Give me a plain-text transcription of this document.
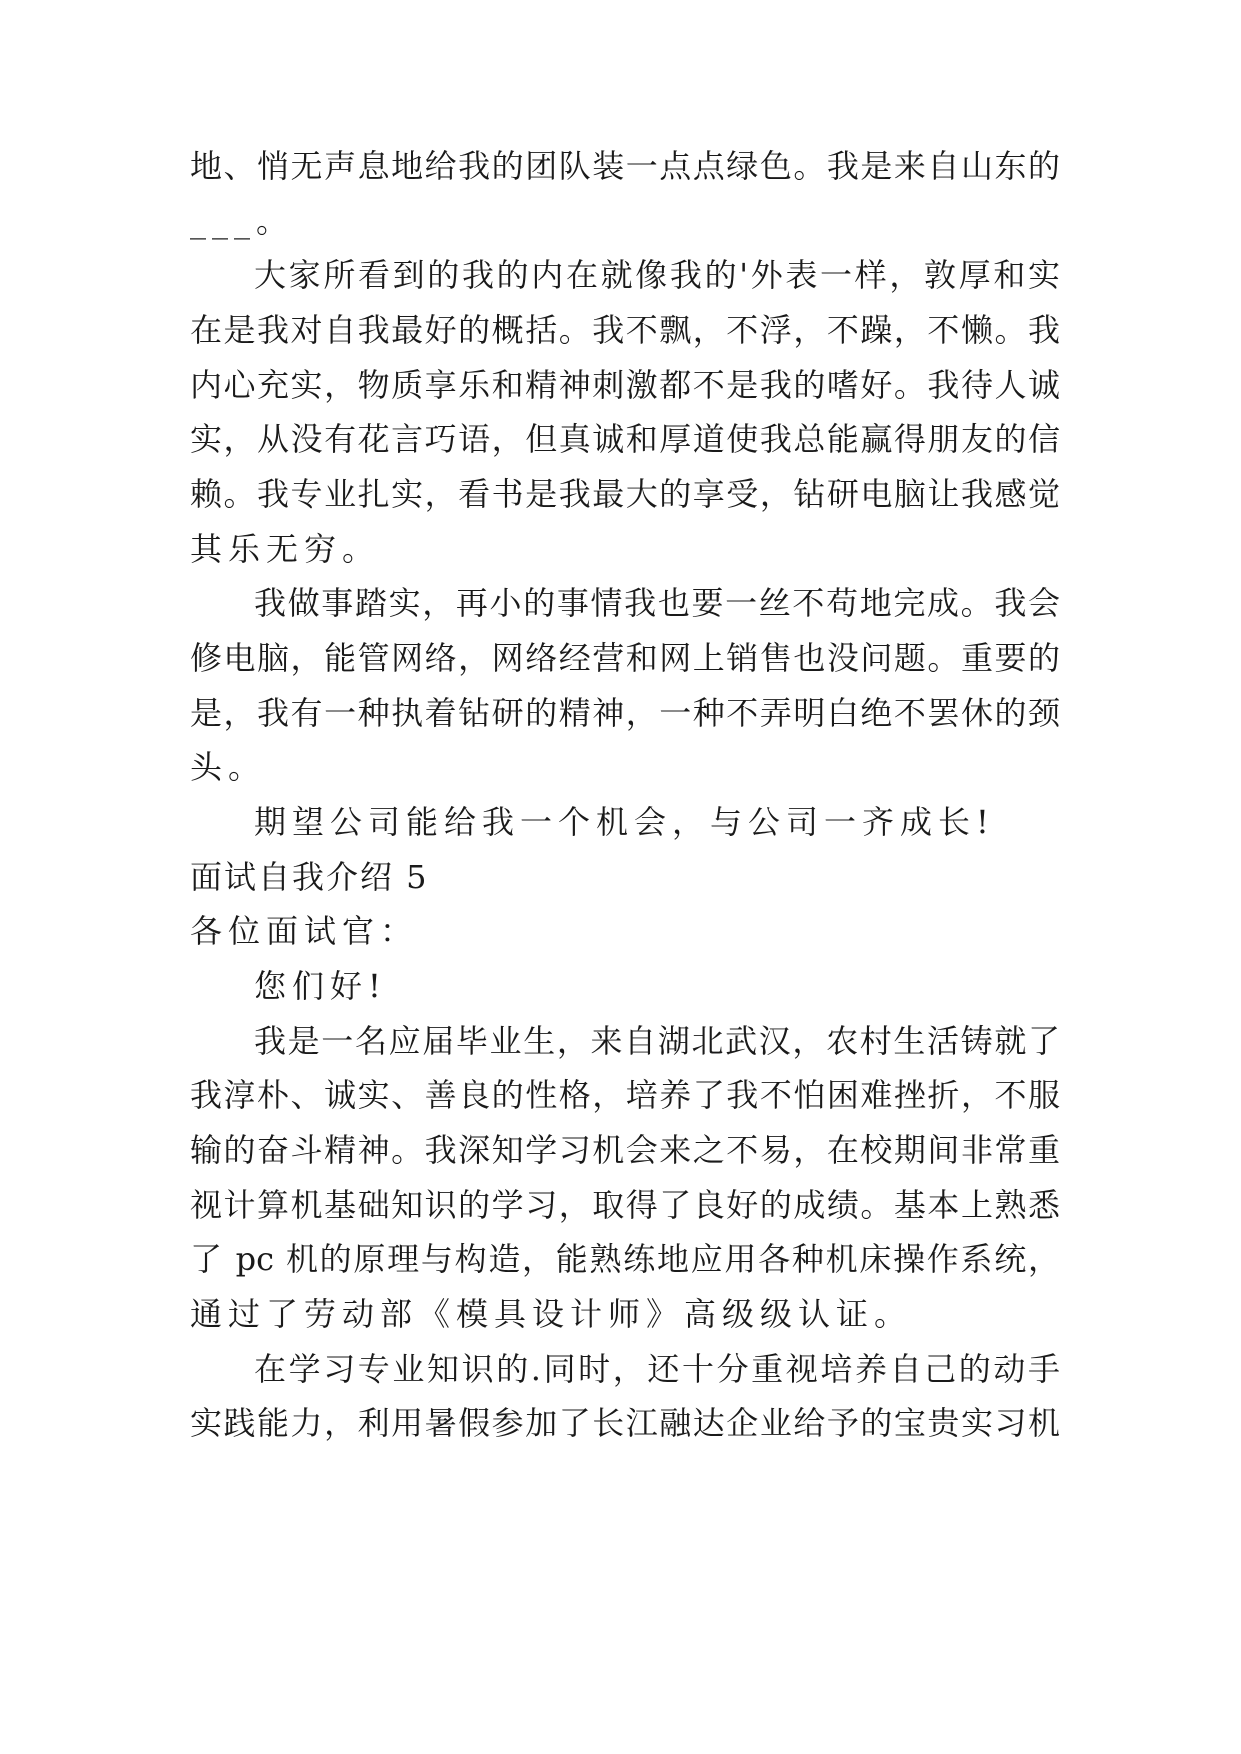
地、悄无声息地给我的团队装一点点绿色。我是来自山东的
___。
大家所看到的我的内在就像我的'外表一样，敦厚和实
在是我对自我最好的概括。我不飘，不浮，不躁，不懒。我
内心充实，物质享乐和精神刺激都不是我的嗜好。我待人诚
实，从没有花言巧语，但真诚和厚道使我总能赢得朋友的信
赖。我专业扎实，看书是我最大的享受，钻研电脑让我感觉
其乐无穷。
我做事踏实，再小的事情我也要一丝不苟地完成。我会
修电脑，能管网络，网络经营和网上销售也没问题。重要的
是，我有一种执着钻研的精神，一种不弄明白绝不罢休的颈
头。
期望公司能给我一个机会，与公司一齐成长!
面试自我介绍 5
各位面试官：
您们好!
我是一名应届毕业生，来自湖北武汉，农村生活铸就了
我淳朴、诚实、善良的性格，培养了我不怕困难挫折，不服
输的奋斗精神。我深知学习机会来之不易，在校期间非常重
视计算机基础知识的学习，取得了良好的成绩。基本上熟悉
了 pc 机的原理与构造，能熟练地应用各种机床操作系统，
通过了劳动部《模具设计师》高级级认证。
在学习专业知识的.同时，还十分重视培养自己的动手
实践能力，利用暑假参加了长江融达企业给予的宝贵实习机
